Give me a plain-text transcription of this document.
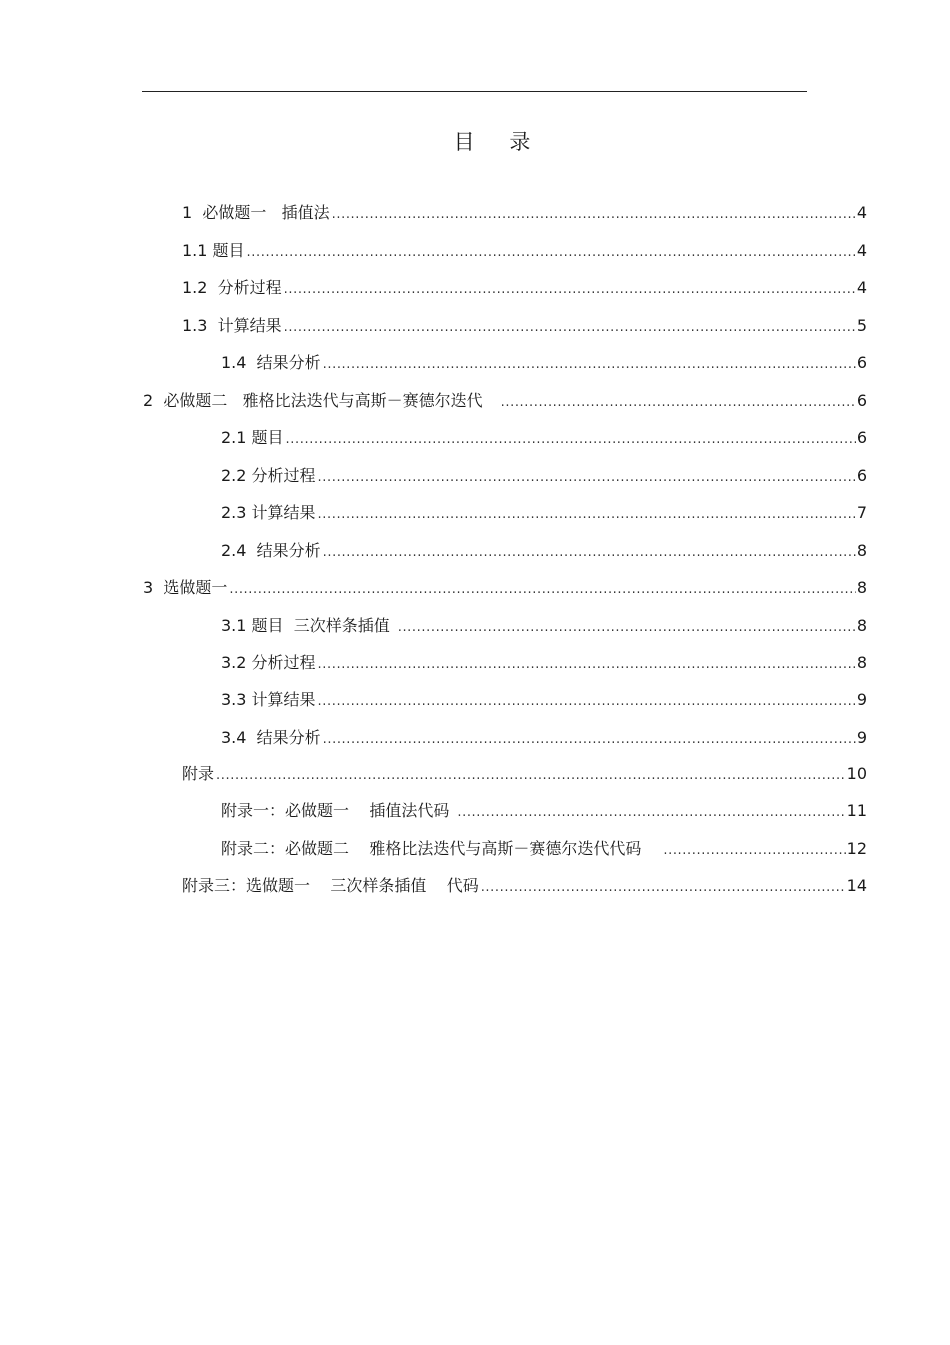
目 录
1  必做题一   插值法 .....	4
1.1 题目 .....	4
1.2  分析过程 .....	4
1.3  计算结果 .....	5
1.4  结果分析 .....	6
2  必做题二   雅格比法迭代与高斯－赛德尔迭代 .....	6
2.1 题目 .....	6
2.2 分析过程 .....	6
2.3 计算结果 .....	7
2.4  结果分析 .....	8
3  选做题一 .....	8
3.1 题目  三次样条插值 .....	8
3.2 分析过程 .....	8
3.3 计算结果 .....	9
3.4  结果分析 .....	9
附录 .....	10
附录一：必做题一    插值法代码 .....	11
附录二：必做题二    雅格比法迭代与高斯－赛德尔迭代代码 .....	12
附录三：选做题一    三次样条插值    代码 .....	14
